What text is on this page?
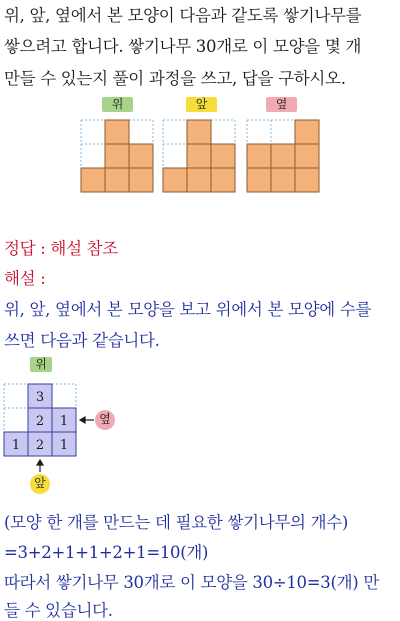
위, 앞, 옆에서 본 모양이 다음과 같도록 쌓기나무를
쌓으려고 합니다. 쌓기나무 30개로 이 모양을 몇 개
만들 수 있는지 풀이 과정을 쓰고, 답을 구하시오.
위	앞	옆
정답 : 해설 참조
해설 :
위, 앞, 옆에서 본 모양을 보고 위에서 본 모양에 수를
쓰면 다음과 같습니다.
위
3
2 1
1 2 1
옆
앞
(모양 한 개를 만드는 데 필요한 쌓기나무의 개수)
=3+2+1+1+2+1=10(개)
따라서 쌓기나무 30개로 이 모양을 30÷10=3(개) 만
들 수 있습니다.
